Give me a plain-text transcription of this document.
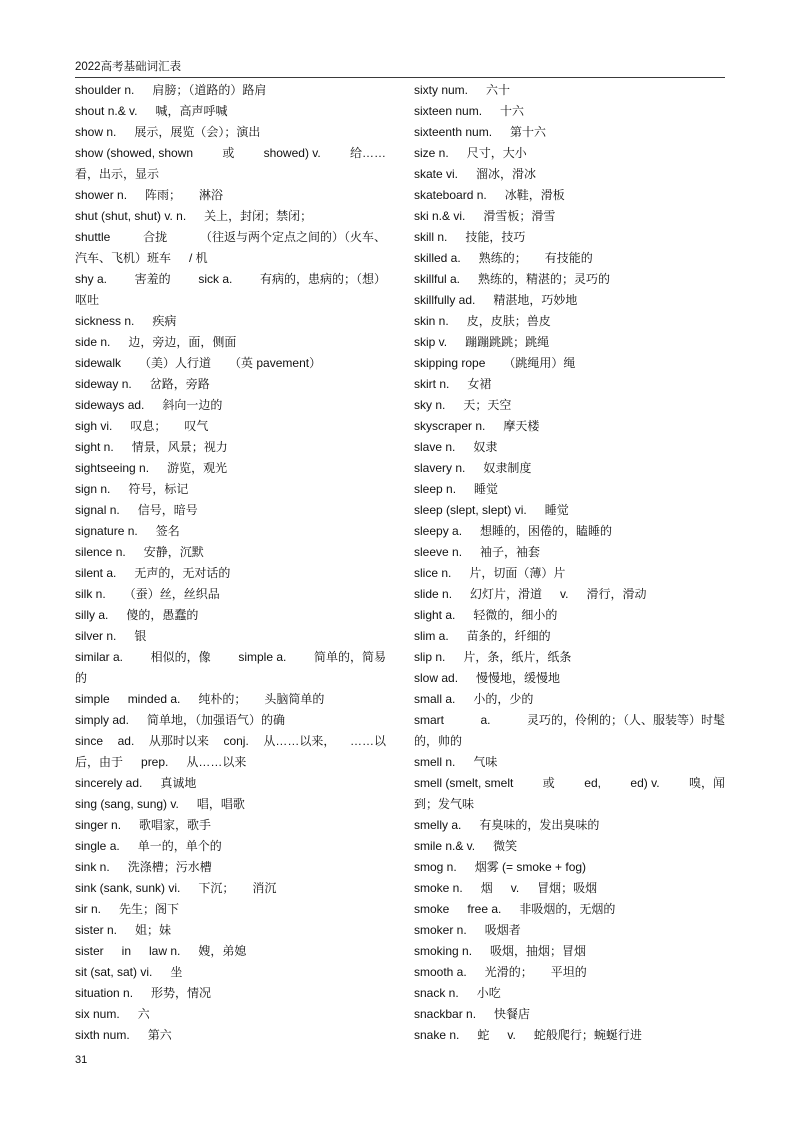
2022高考基础词汇表
shoulder n. 肩膀；（道路的）路肩
shout n.& v. 喊，高声呼喊
show n. 展示，展览（会）；演出
show (showed, shown 或 showed) v. 给……
看，出示，显示
shower n. 阵雨； 淋浴
shut (shut, shut) v. n. 关上，封闭；禁闭；
shuttle	合拢	（往返与两个定点之间的）（火车、
汽车、飞机）班车 / 机
shy a. 害羞的 sick a. 有病的，患病的；（想）
呕吐
sickness n. 疾病
side n. 边，旁边，面，侧面
sidewalk （美）人行道 （英 pavement）
sideway n. 岔路，旁路
sideways ad. 斜向一边的
sigh vi. 叹息； 叹气
sight n. 情景，风景；视力
sightseeing n. 游览，观光
sign n. 符号，标记
signal n. 信号，暗号
signature n. 签名
silence n. 安静，沉默
silent a. 无声的，无对话的
silk n. （蚕）丝，丝织品
silly a. 傻的，愚蠢的
silver n. 银
similar a. 相似的，像 simple a. 简单的，简易
的
simple minded a. 纯朴的； 头脑简单的
simply ad. 简单地，（加强语气）的确
since ad. 从那时以来 conj. 从……以来， ……以
后，由于 prep. 从……以来
sincerely ad. 真诚地
sing (sang, sung) v. 唱，唱歌
singer n. 歌唱家，歌手
single a. 单一的，单个的
sink n. 洗涤槽；污水槽
sink (sank, sunk) vi. 下沉； 消沉
sir n. 先生；阁下
sister n. 姐；妹
sister in law n. 嫂，弟媳
sit (sat, sat) vi. 坐
situation n. 形势，情况
six num. 六
sixth num. 第六
sixty num. 六十
sixteen num. 十六
sixteenth num. 第十六
size n. 尺寸，大小
skate vi. 溜冰，滑冰
skateboard n. 冰鞋，滑板
ski n.& vi. 滑雪板；滑雪
skill n. 技能，技巧
skilled a. 熟练的； 有技能的
skillful a. 熟练的，精湛的；灵巧的
skillfully ad. 精湛地，巧妙地
skin n. 皮，皮肤；兽皮
skip v. 蹦蹦跳跳；跳绳
skipping rope （跳绳用）绳
skirt n. 女裙
sky n. 天；天空
skyscraper n. 摩天楼
slave n. 奴隶
slavery n. 奴隶制度
sleep n. 睡觉
sleep (slept, slept) vi. 睡觉
sleepy a. 想睡的，困倦的，瞌睡的
sleeve n. 袖子，袖套
slice n. 片，切面（薄）片
slide n. 幻灯片，滑道 v. 滑行，滑动
slight a. 轻微的，细小的
slim a. 苗条的，纤细的
slip n. 片，条，纸片，纸条
slow ad. 慢慢地，缓慢地
small a. 小的，少的
smart	a.	灵巧的，伶俐的；（人、服装等）时髦
的，帅的
smell n. 气味
smell (smelt, smelt 或 ed, ed) v. 嗅，闻
到；发气味
smelly a. 有臭味的，发出臭味的
smile n.& v. 微笑
smog n. 烟雾 (= smoke + fog)
smoke n. 烟 v. 冒烟；吸烟
smoke free a. 非吸烟的，无烟的
smoker n. 吸烟者
smoking n. 吸烟，抽烟；冒烟
smooth a. 光滑的； 平坦的
snack n. 小吃
snackbar n. 快餐店
snake n. 蛇 v. 蛇般爬行；蜿蜒行进
31
